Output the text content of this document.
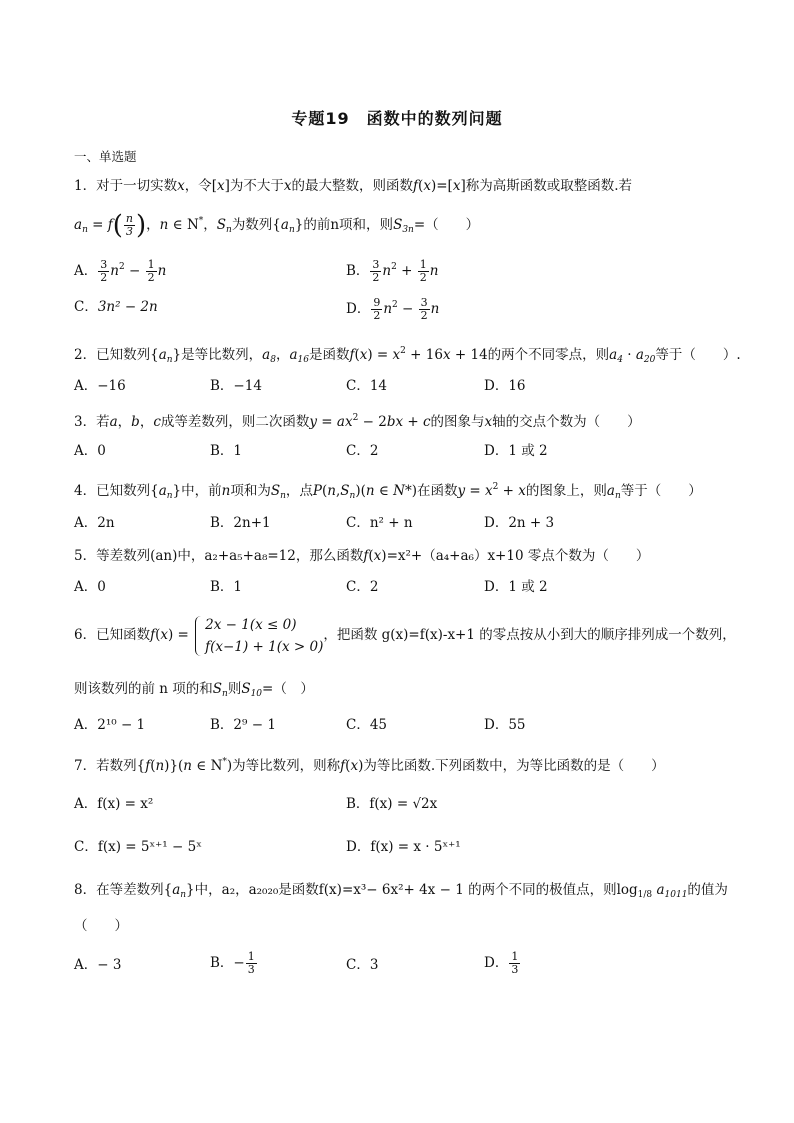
专题19　函数中的数列问题
一、单选题
1．对于一切实数x，令[x]为不大于x的最大整数，则函数f(x)=[x]称为高斯函数或取整函数.若
$a_n = f( \frac{n}{3}$ )，n ∈ N*，$S_n$为数列$\{a_n\}$的前n项和，则$S_{3n}=$（　　）
A． $\frac{3}{2} n^2 - \frac{1}{2}$ n	B． $\frac{3}{2} n^2 + \frac{1}{2}$ n
C．3n² − 2n	D． $\frac{9}{2} n^2 - \frac{3}{2}$ n
2．已知数列$\{a_n\}$是等比数列，$a_8$，$a_{16}$是函数$f(x) = x^2 + 16x + 14$的两个不同零点，则$a_4 \cdot a_{20}$等于（　　）.
A．−16	B．−14	C．14	D．16
3．若a，b，c成等差数列，则二次函数$y = ax^2 - 2bx + c$的图象与x轴的交点个数为（　　）
A．0	B．1	C．2	D．1 或 2
4．已知数列$\{a_n\}$中，前n项和为$S_n$，点$P(n,S_n)(n$ ∈ N*)在函数$y = x^2 + x$的图象上，则$a_n$等于（　　）
A．2n	B．2n+1	C．n² + n	D．2n + 3
5．等差数列(an)中，a₂+a₅+a₈=12，那么函数f(x)=x²+（a₄+a₆）x+10 零点个数为（　　）
A．0	B．1	C．2	D．1 或 2
6．已知函数f(x) =
2x − 1(x ≤ 0)
f(x−1) + 1(x > 0)
，把函数 g(x)=f(x)-x+1 的零点按从小到大的顺序排列成一个数列，
则该数列的前 n 项的和$S_n$则$S_{10}=$（　）
A．2¹⁰ − 1	B．2⁹ − 1	C．45	D．55
7．若数列{f(n)}(n ∈ N*)为等比数列，则称f(x)为等比函数.下列函数中，为等比函数的是（　　）
A．f(x) = x²	B．f(x) = √2x
C．f(x) = 5ˣ⁺¹ − 5ˣ	D．f(x) = x · 5ˣ⁺¹
8．在等差数列$\{a_n\}$中，a₂，a₂₀₂₀是函数f(x)=x³− 6x²+ 4x − 1 的两个不同的极值点，则$\log_{1/8} a_{1011}$的值为
（　　）
A．− 3	B．− $\frac{1}{3}$	C．3	D． $\frac{1}{3}$
